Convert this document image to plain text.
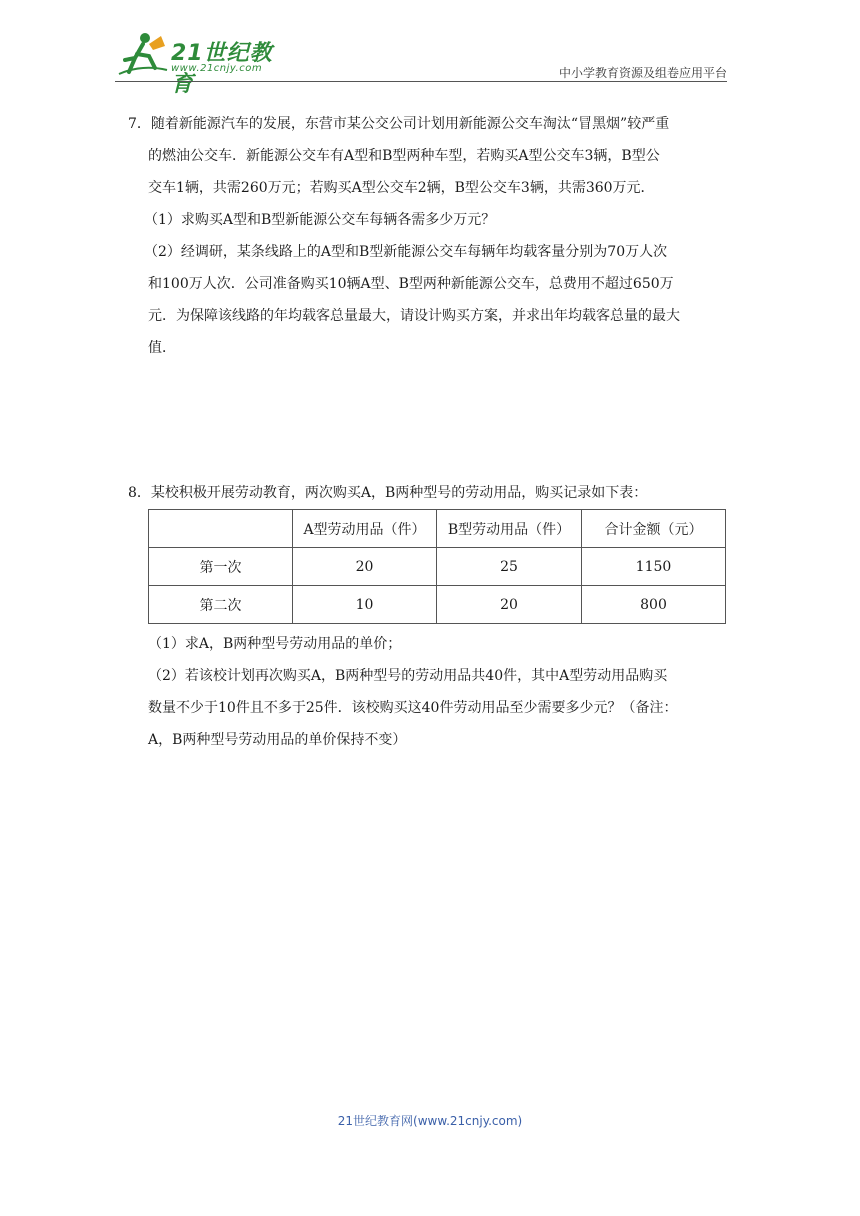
21世纪教育
www.21cnjy.com	中小学教育资源及组卷应用平台

7．随着新能源汽车的发展，东营市某公交公司计划用新能源公交车淘汰“冒黑烟”较严重

的燃油公交车．新能源公交车有A型和B型两种车型，若购买A型公交车3辆，B型公

交车1辆，共需260万元；若购买A型公交车2辆，B型公交车3辆，共需360万元．

（1）求购买A型和B型新能源公交车每辆各需多少万元？

（2）经调研，某条线路上的A型和B型新能源公交车每辆年均载客量分别为70万人次

和100万人次．公司准备购买10辆A型、B型两种新能源公交车，总费用不超过650万

元．为保障该线路的年均载客总量最大，请设计购买方案，并求出年均载客总量的最大

值．

8．某校积极开展劳动教育，两次购买A，B两种型号的劳动用品，购买记录如下表：

	A型劳动用品（件）	B型劳动用品（件）	合计金额（元）
第一次	20	25	1150
第二次	10	20	800

（1）求A，B两种型号劳动用品的单价；

（2）若该校计划再次购买A，B两种型号的劳动用品共40件，其中A型劳动用品购买

数量不少于10件且不多于25件．该校购买这40件劳动用品至少需要多少元？（备注：

A，B两种型号劳动用品的单价保持不变）

21世纪教育网(www.21cnjy.com)
